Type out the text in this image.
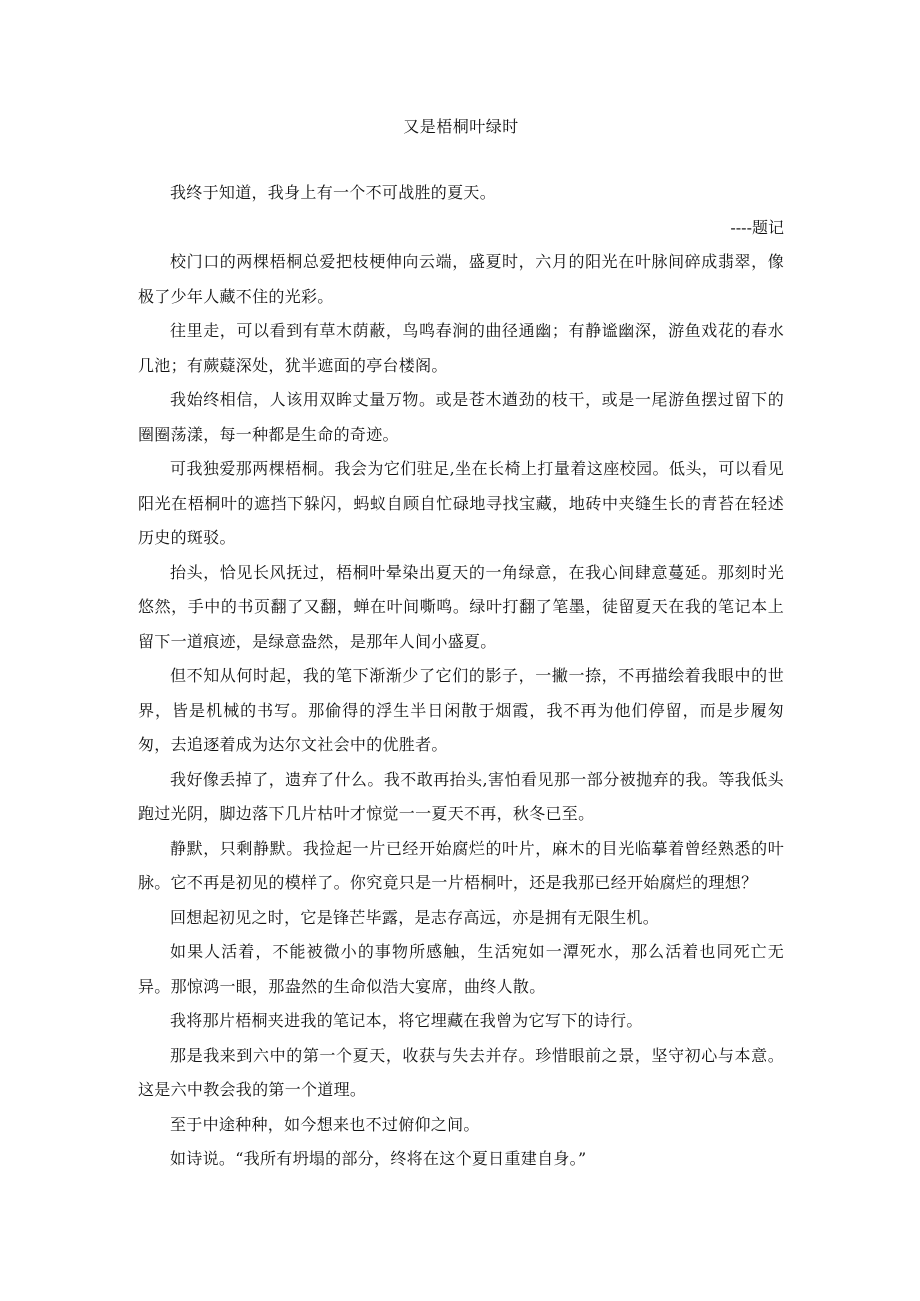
又是梧桐叶绿时

我终于知道，我身上有一个不可战胜的夏天。

----题记

校门口的两棵梧桐总爱把枝梗伸向云端，盛夏时，六月的阳光在叶脉间碎成翡翠，像极了少年人藏不住的光彩。

往里走，可以看到有草木荫蔽，鸟鸣春涧的曲径通幽；有静谧幽深，游鱼戏花的春水几池；有蕨薿深处，犹半遮面的亭台楼阁。

我始终相信，人该用双眸丈量万物。或是苍木遒劲的枝干，或是一尾游鱼摆过留下的圈圈荡漾，每一种都是生命的奇迹。

可我独爱那两棵梧桐。我会为它们驻足,坐在长椅上打量着这座校园。低头，可以看见阳光在梧桐叶的遮挡下躲闪，蚂蚁自顾自忙碌地寻找宝藏，地砖中夹缝生长的青苔在轻述历史的斑驳。

抬头，恰见长风抚过，梧桐叶晕染出夏天的一角绿意，在我心间肆意蔓延。那刻时光悠然，手中的书页翻了又翻，蝉在叶间嘶鸣。绿叶打翻了笔墨，徒留夏天在我的笔记本上留下一道痕迹，是绿意盎然，是那年人间小盛夏。

但不知从何时起，我的笔下渐渐少了它们的影子，一撇一捺，不再描绘着我眼中的世界，皆是机械的书写。那偷得的浮生半日闲散于烟霞，我不再为他们停留，而是步履匆匆，去追逐着成为达尔文社会中的优胜者。

我好像丢掉了，遗弃了什么。我不敢再抬头,害怕看见那一部分被抛弃的我。等我低头跑过光阴，脚边落下几片枯叶才惊觉一一夏天不再，秋冬已至。

静默，只剩静默。我捡起一片已经开始腐烂的叶片，麻木的目光临摹着曾经熟悉的叶脉。它不再是初见的模样了。你究竟只是一片梧桐叶，还是我那已经开始腐烂的理想？

回想起初见之时，它是锋芒毕露，是志存高远，亦是拥有无限生机。

如果人活着，不能被微小的事物所感触，生活宛如一潭死水，那么活着也同死亡无异。那惊鸿一眼，那盎然的生命似浩大宴席，曲终人散。

我将那片梧桐夹进我的笔记本，将它埋藏在我曾为它写下的诗行。

那是我来到六中的第一个夏天，收获与失去并存。珍惜眼前之景，坚守初心与本意。这是六中教会我的第一个道理。

至于中途种种，如今想来也不过俯仰之间。

如诗说。“我所有坍塌的部分，终将在这个夏日重建自身。”
